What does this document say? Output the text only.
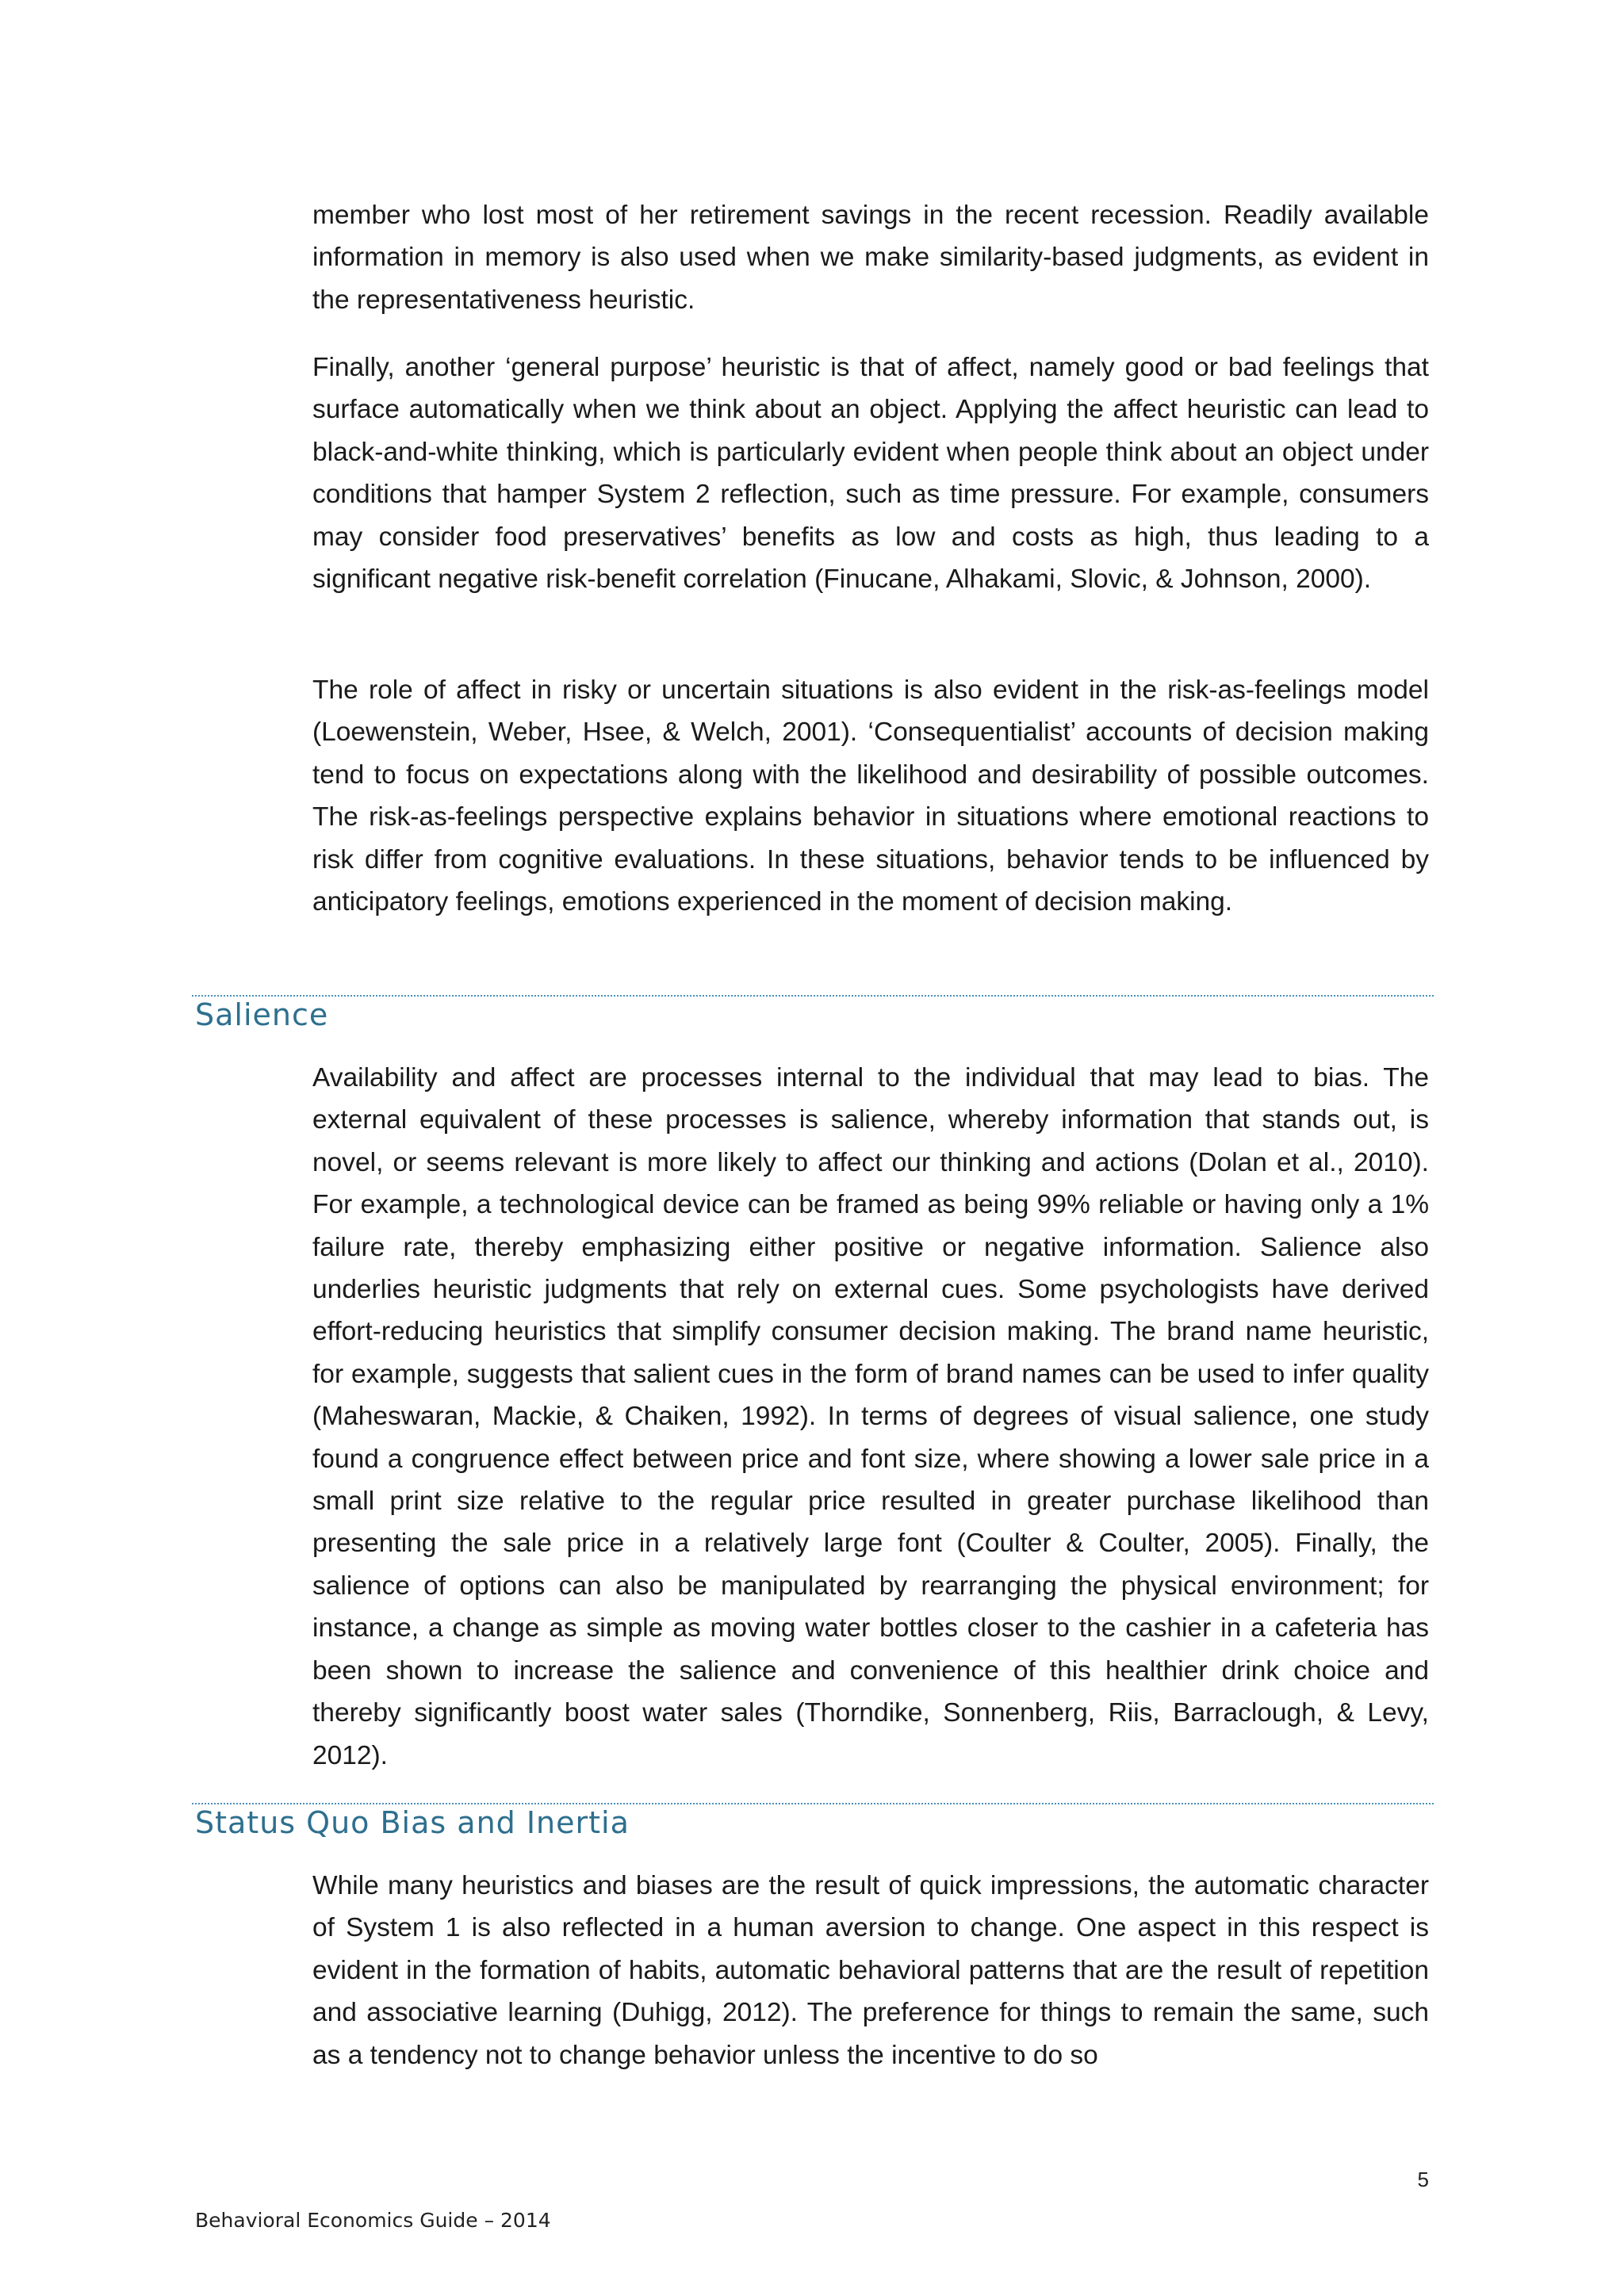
member who lost most of her retirement savings in the recent recession. Readily available information in memory is also used when we make similarity-based judgments, as evident in the representativeness heuristic.

Finally, another ‘general purpose’ heuristic is that of affect, namely good or bad feelings that surface automatically when we think about an object. Applying the affect heuristic can lead to black-and-white thinking, which is particularly evident when people think about an object under conditions that hamper System 2 reflection, such as time pressure. For example, consumers may consider food preservatives’ benefits as low and costs as high, thus leading to a significant negative risk-benefit correlation (Finucane, Alhakami, Slovic, & Johnson, 2000).

The role of affect in risky or uncertain situations is also evident in the risk-as-feelings model (Loewenstein, Weber, Hsee, & Welch, 2001). ‘Consequentialist’ accounts of decision making tend to focus on expectations along with the likelihood and desirability of possible outcomes. The risk-as-feelings perspective explains behavior in situations where emotional reactions to risk differ from cognitive evaluations. In these situations, behavior tends to be influenced by anticipatory feelings, emotions experienced in the moment of decision making.

Salience

Availability and affect are processes internal to the individual that may lead to bias. The external equivalent of these processes is salience, whereby information that stands out, is novel, or seems relevant is more likely to affect our thinking and actions (Dolan et al., 2010). For example, a technological device can be framed as being 99% reliable or having only a 1% failure rate, thereby emphasizing either positive or negative information. Salience also underlies heuristic judgments that rely on external cues. Some psychologists have derived effort-reducing heuristics that simplify consumer decision making. The brand name heuristic, for example, suggests that salient cues in the form of brand names can be used to infer quality (Maheswaran, Mackie, & Chaiken, 1992). In terms of degrees of visual salience, one study found a congruence effect between price and font size, where showing a lower sale price in a small print size relative to the regular price resulted in greater purchase likelihood than presenting the sale price in a relatively large font (Coulter & Coulter, 2005). Finally, the salience of options can also be manipulated by rearranging the physical environment; for instance, a change as simple as moving water bottles closer to the cashier in a cafeteria has been shown to increase the salience and convenience of this healthier drink choice and thereby significantly boost water sales (Thorndike, Sonnenberg, Riis, Barraclough, & Levy, 2012).

Status Quo Bias and Inertia

While many heuristics and biases are the result of quick impressions, the automatic character of System 1 is also reflected in a human aversion to change. One aspect in this respect is evident in the formation of habits, automatic behavioral patterns that are the result of repetition and associative learning (Duhigg, 2012). The preference for things to remain the same, such as a tendency not to change behavior unless the incentive to do so

5
Behavioral Economics Guide – 2014
